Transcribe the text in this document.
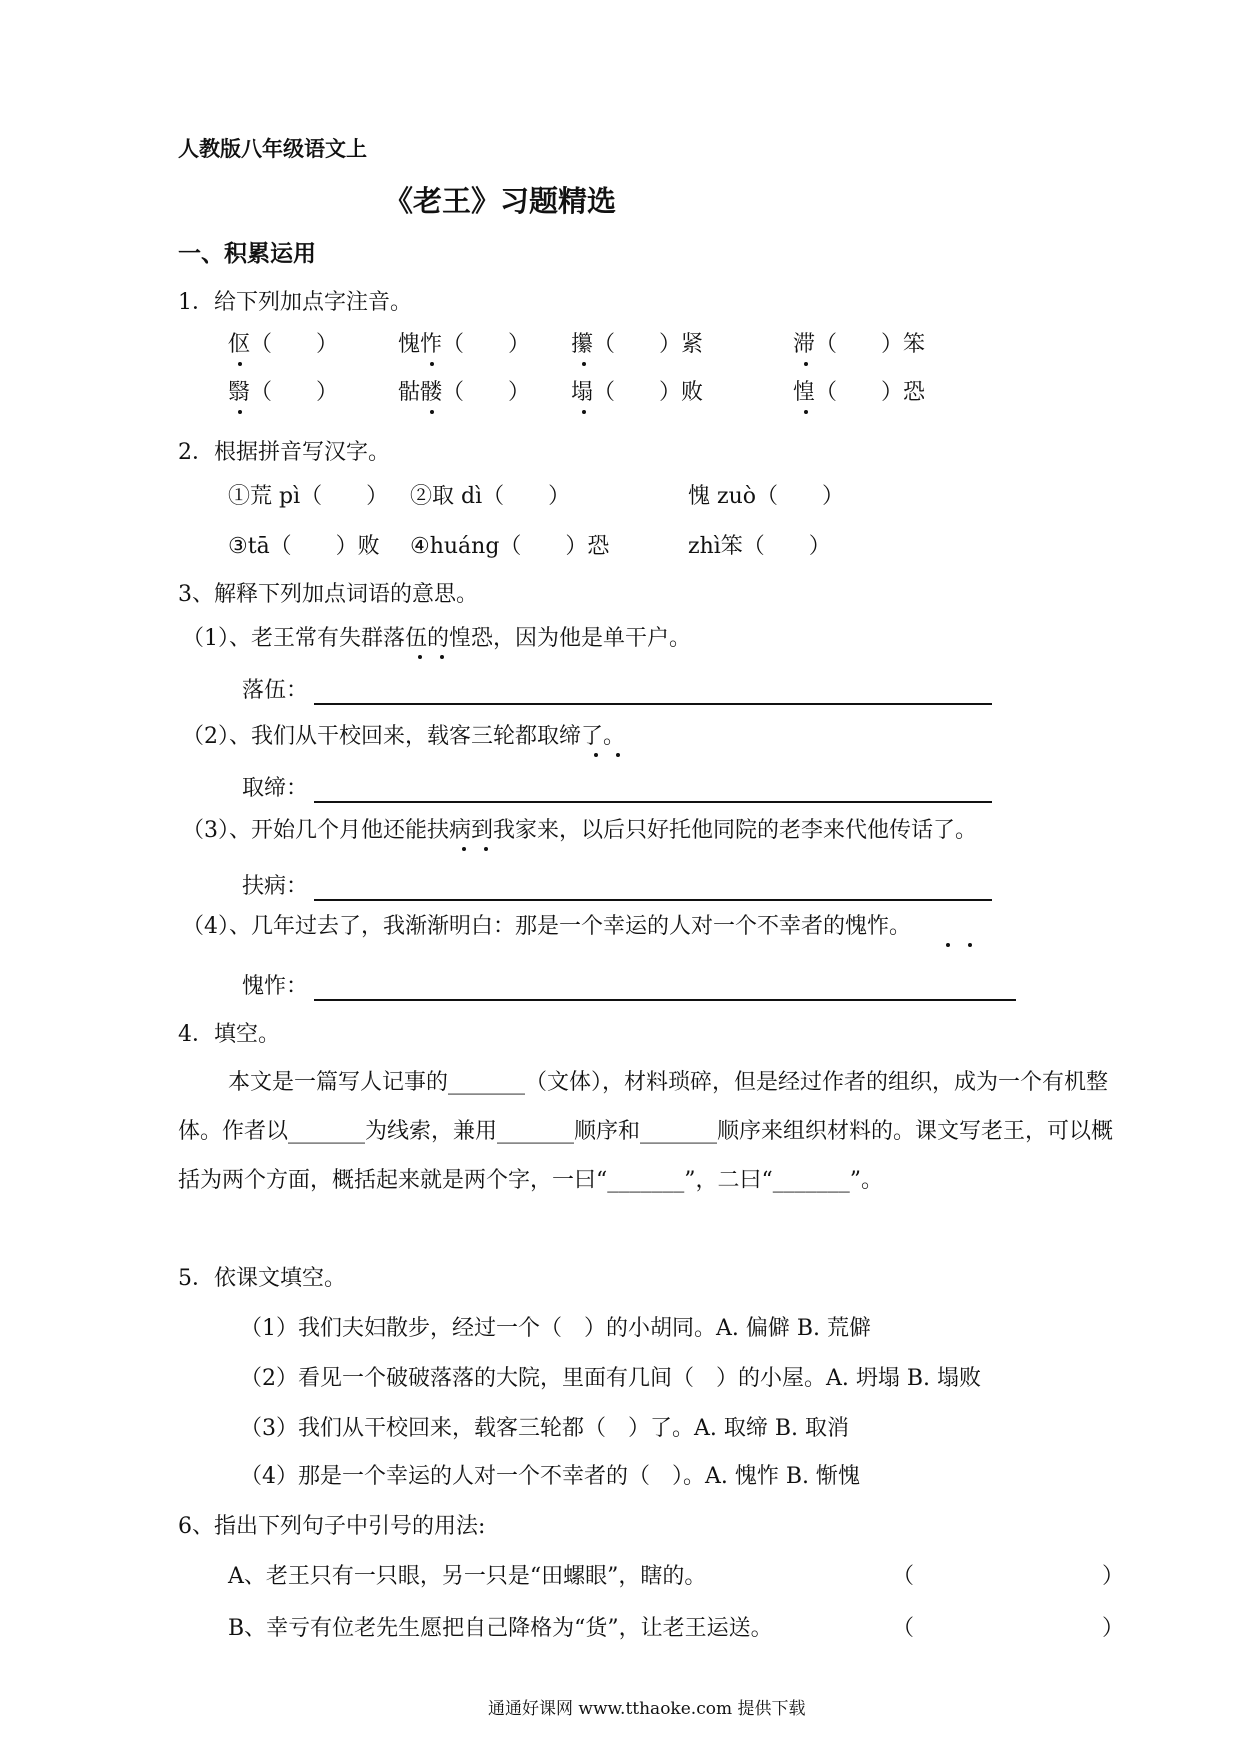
人教版八年级语文上
《老王》习题精选
一、积累运用
1．给下列加点字注音。
伛（　　）	愧怍（　　） 攥（　　）紧	滞（　　）笨
翳（　　）	骷髅（　　） 塌（　　）败	惶（　　）恐
2．根据拼音写汉字。
①荒 pì（　　） ②取 dì（　　）	愧 zuò（　　）
③tā（　　）败 ④huáng（　　）恐	zhì笨（　　）
3、解释下列加点词语的意思。
（1）、老王常有失群落伍的惶恐，因为他是单干户。
落伍：
（2）、我们从干校回来，载客三轮都取缔了。
取缔：
（3）、开始几个月他还能扶病到我家来，以后只好托他同院的老李来代他传话了。
扶病：
（4）、几年过去了，我渐渐明白：那是一个幸运的人对一个不幸者的愧怍。
愧怍：
4．填空。
本文是一篇写人记事的_______（文体），材料琐碎，但是经过作者的组织，成为一个有机整体。作者以_______为线索，兼用_______顺序和_______顺序来组织材料的。课文写老王，可以概括为两个方面，概括起来就是两个字，一曰“_______”，二曰“_______”。
5．依课文填空。
（1）我们夫妇散步，经过一个（　）的小胡同。A. 偏僻 B. 荒僻
（2）看见一个破破落落的大院，里面有几间（　）的小屋。A. 坍塌 B. 塌败
（3）我们从干校回来，载客三轮都（　）了。A. 取缔 B. 取消
（4）那是一个幸运的人对一个不幸者的（　）。A. 愧怍 B. 惭愧
6、指出下列句子中引号的用法:
A、老王只有一只眼，另一只是“田螺眼”，瞎的。	（	）
B、幸亏有位老先生愿把自己降格为“货”，让老王运送。	（	）
通通好课网 www.tthaoke.com 提供下载
